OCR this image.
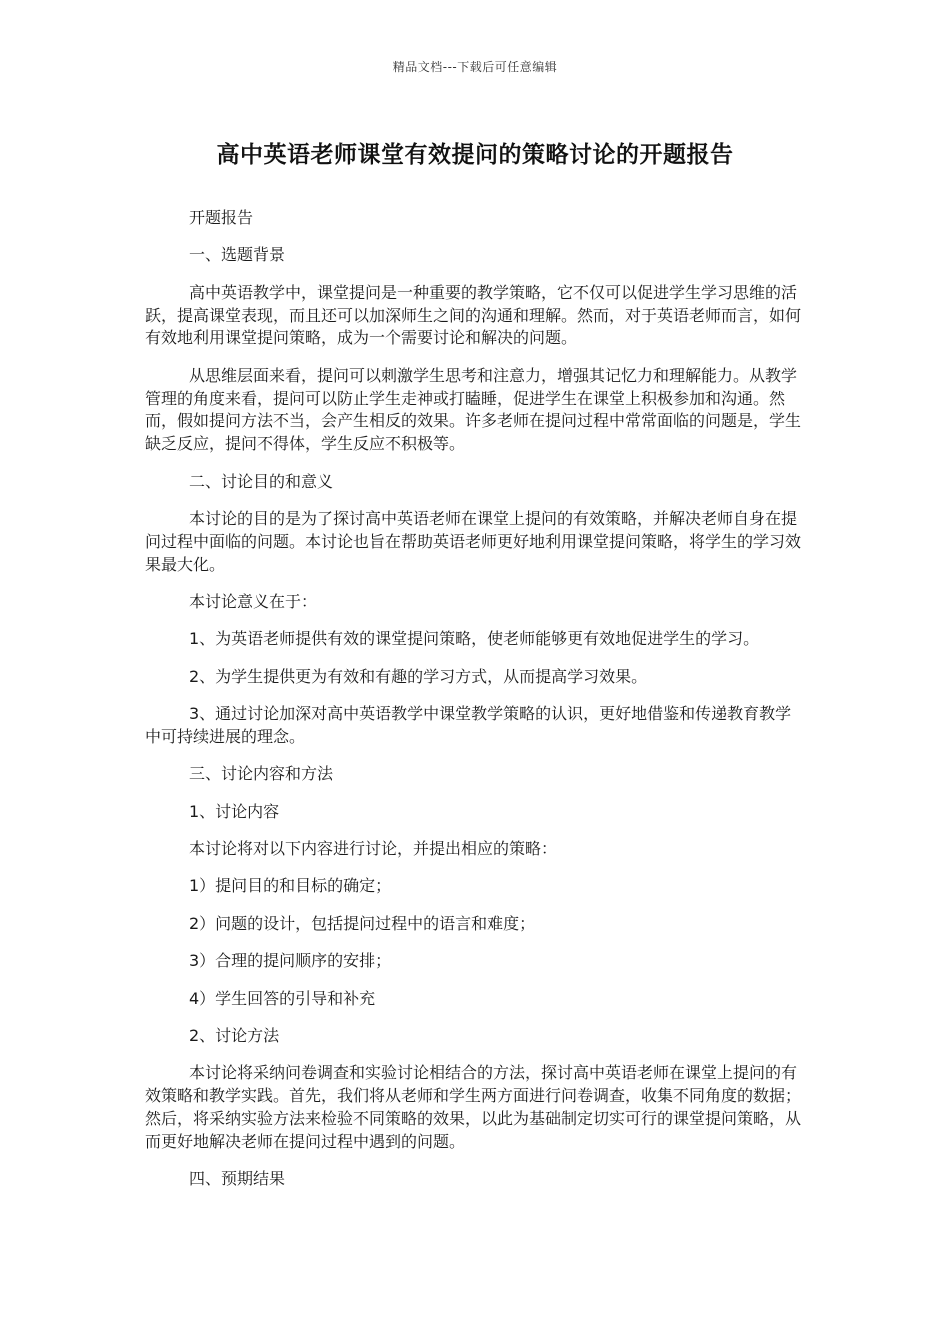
精品文档---下载后可任意编辑
高中英语老师课堂有效提问的策略讨论的开题报告

开题报告

一、选题背景

高中英语教学中，课堂提问是一种重要的教学策略，它不仅可以促进学生学习思维的活跃，提高课堂表现，而且还可以加深师生之间的沟通和理解。然而，对于英语老师而言，如何有效地利用课堂提问策略，成为一个需要讨论和解决的问题。

从思维层面来看，提问可以刺激学生思考和注意力，增强其记忆力和理解能力。从教学管理的角度来看，提问可以防止学生走神或打瞌睡，促进学生在课堂上积极参加和沟通。然而，假如提问方法不当，会产生相反的效果。许多老师在提问过程中常常面临的问题是，学生缺乏反应，提问不得体，学生反应不积极等。

二、讨论目的和意义

本讨论的目的是为了探讨高中英语老师在课堂上提问的有效策略，并解决老师自身在提问过程中面临的问题。本讨论也旨在帮助英语老师更好地利用课堂提问策略，将学生的学习效果最大化。

本讨论意义在于：

1、为英语老师提供有效的课堂提问策略，使老师能够更有效地促进学生的学习。

2、为学生提供更为有效和有趣的学习方式，从而提高学习效果。

3、通过讨论加深对高中英语教学中课堂教学策略的认识，更好地借鉴和传递教育教学中可持续进展的理念。

三、讨论内容和方法

1、讨论内容

本讨论将对以下内容进行讨论，并提出相应的策略：

1）提问目的和目标的确定；

2）问题的设计，包括提问过程中的语言和难度；

3）合理的提问顺序的安排；

4）学生回答的引导和补充

2、讨论方法

本讨论将采纳问卷调查和实验讨论相结合的方法，探讨高中英语老师在课堂上提问的有效策略和教学实践。首先，我们将从老师和学生两方面进行问卷调查，收集不同角度的数据；然后，将采纳实验方法来检验不同策略的效果，以此为基础制定切实可行的课堂提问策略，从而更好地解决老师在提问过程中遇到的问题。

四、预期结果
